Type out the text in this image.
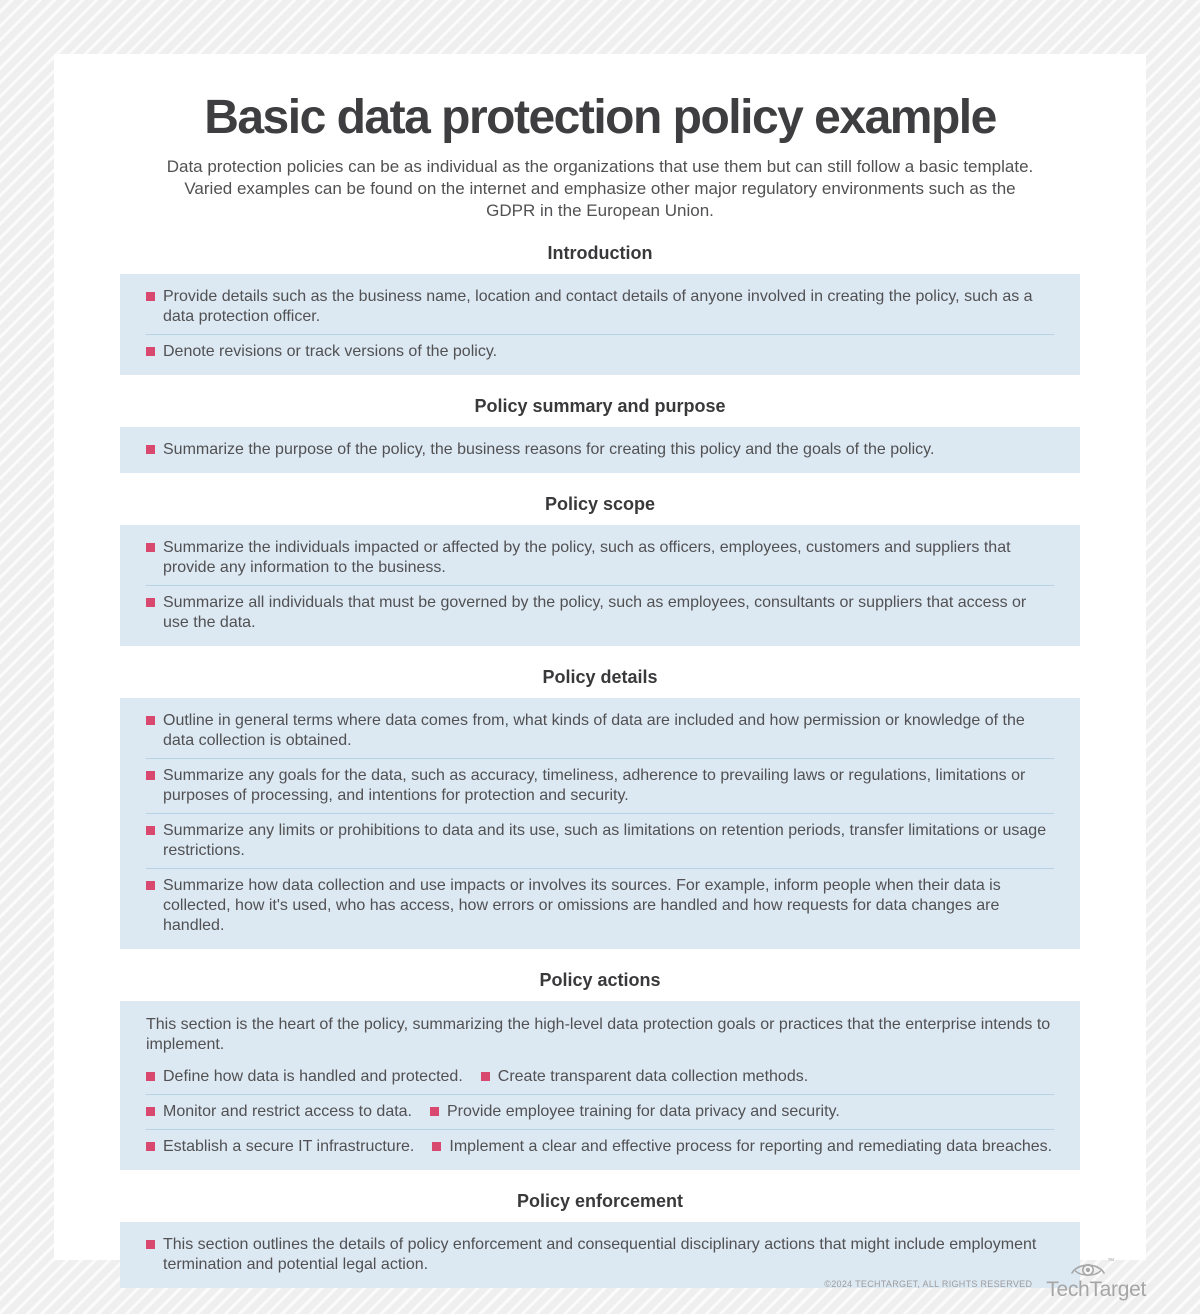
Basic data protection policy example

Data protection policies can be as individual as the organizations that use them but can still follow a basic template. Varied examples can be found on the internet and emphasize other major regulatory environments such as the GDPR in the European Union.

Introduction
Provide details such as the business name, location and contact details of anyone involved in creating the policy, such as a data protection officer.
Denote revisions or track versions of the policy.
Policy summary and purpose
Summarize the purpose of the policy, the business reasons for creating this policy and the goals of the policy.
Policy scope
Summarize the individuals impacted or affected by the policy, such as officers, employees, customers and suppliers that provide any information to the business.
Summarize all individuals that must be governed by the policy, such as employees, consultants or suppliers that access or use the data.
Policy details
Outline in general terms where data comes from, what kinds of data are included and how permission or knowledge of the data collection is obtained.
Summarize any goals for the data, such as accuracy, timeliness, adherence to prevailing laws or regulations, limitations or purposes of processing, and intentions for protection and security.
Summarize any limits or prohibitions to data and its use, such as limitations on retention periods, transfer limitations or usage restrictions.
Summarize how data collection and use impacts or involves its sources. For example, inform people when their data is collected, how it's used, who has access, how errors or omissions are handled and how requests for data changes are handled.
Policy actions

This section is the heart of the policy, summarizing the high-level data protection goals or practices that the enterprise intends to implement.

Define how data is handled and protected. Create transparent data collection methods.
Monitor and restrict access to data. Provide employee training for data privacy and security.
Establish a secure IT infrastructure. Implement a clear and effective process for reporting and remediating data breaches.
Policy enforcement
This section outlines the details of policy enforcement and consequential disciplinary actions that might include employment termination and potential legal action.
©2024 TECHTARGET, ALL RIGHTS RESERVED
™
TechTarget
